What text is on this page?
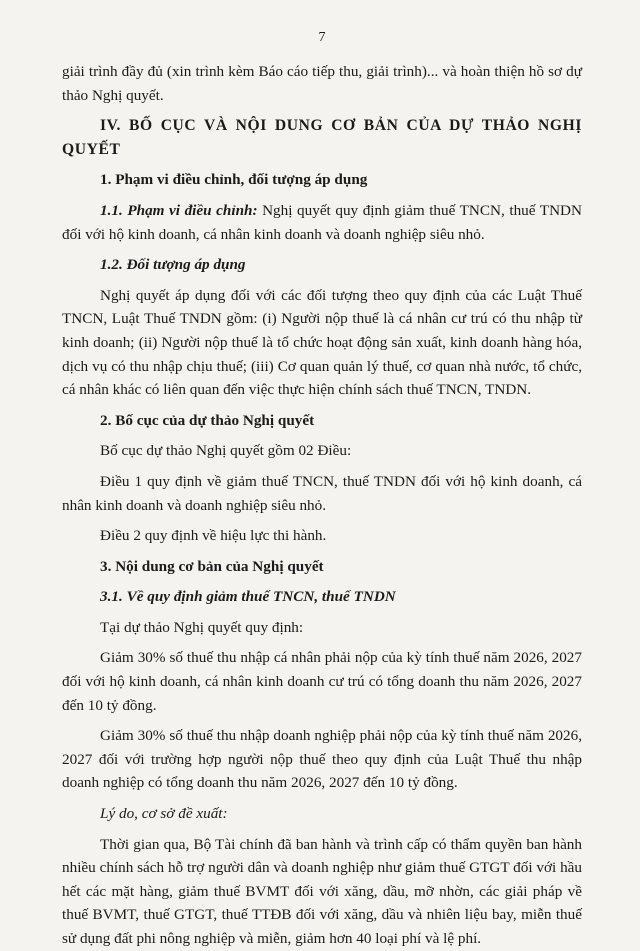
7

giải trình đầy đủ (xin trình kèm Báo cáo tiếp thu, giải trình)... và hoàn thiện hồ sơ dự thảo Nghị quyết.

IV. BỐ CỤC VÀ NỘI DUNG CƠ BẢN CỦA DỰ THẢO NGHỊ QUYẾT

1. Phạm vi điều chỉnh, đối tượng áp dụng

1.1. Phạm vi điều chỉnh: Nghị quyết quy định giảm thuế TNCN, thuế TNDN đối với hộ kinh doanh, cá nhân kinh doanh và doanh nghiệp siêu nhỏ.

1.2. Đối tượng áp dụng

Nghị quyết áp dụng đối với các đối tượng theo quy định của các Luật Thuế TNCN, Luật Thuế TNDN gồm: (i) Người nộp thuế là cá nhân cư trú có thu nhập từ kinh doanh; (ii) Người nộp thuế là tổ chức hoạt động sản xuất, kinh doanh hàng hóa, dịch vụ có thu nhập chịu thuế; (iii) Cơ quan quản lý thuế, cơ quan nhà nước, tổ chức, cá nhân khác có liên quan đến việc thực hiện chính sách thuế TNCN, TNDN.

2. Bố cục của dự thảo Nghị quyết

Bố cục dự thảo Nghị quyết gồm 02 Điều:

Điều 1 quy định về giảm thuế TNCN, thuế TNDN đối với hộ kinh doanh, cá nhân kinh doanh và doanh nghiệp siêu nhỏ.

Điều 2 quy định về hiệu lực thi hành.

3. Nội dung cơ bản của Nghị quyết

3.1. Về quy định giảm thuế TNCN, thuế TNDN

Tại dự thảo Nghị quyết quy định:

Giảm 30% số thuế thu nhập cá nhân phải nộp của kỳ tính thuế năm 2026, 2027 đối với hộ kinh doanh, cá nhân kinh doanh cư trú có tổng doanh thu năm 2026, 2027 đến 10 tỷ đồng.

Giảm 30% số thuế thu nhập doanh nghiệp phải nộp của kỳ tính thuế năm 2026, 2027 đối với trường hợp người nộp thuế theo quy định của Luật Thuế thu nhập doanh nghiệp có tổng doanh thu năm 2026, 2027 đến 10 tỷ đồng.

Lý do, cơ sở đề xuất:

Thời gian qua, Bộ Tài chính đã ban hành và trình cấp có thẩm quyền ban hành nhiều chính sách hỗ trợ người dân và doanh nghiệp như giảm thuế GTGT đối với hầu hết các mặt hàng, giảm thuế BVMT đối với xăng, dầu, mỡ nhờn, các giải pháp về thuế BVMT, thuế GTGT, thuế TTĐB đối với xăng, dầu và nhiên liệu bay, miễn thuế sử dụng đất phi nông nghiệp và miễn, giảm hơn 40 loại phí và lệ phí.
